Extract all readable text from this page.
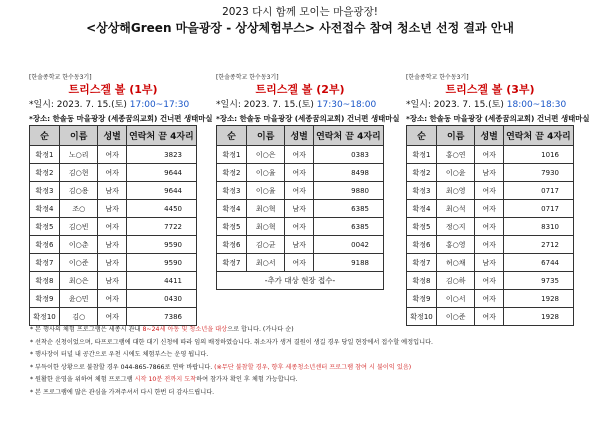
2023 다시 함께 모이는 마을광장!
<상상해Green 마을광장 - 상상체험부스> 사전접수 참여 청소년 선정 결과 안내
[한솔종학교 한수동3기]
트리스겔 볼 (1부)
*일시: 2023. 7. 15.(토) 17:00~17:30
*장소: 한솔동 마을광장 (세종꿈의교회) 건너편 생태마실
순	이름	성별	연락처 끝 4자리
확정1	노○리	여자	3823
확정2	김○현	여자	9644
확정3	김○용	남자	9644
확정4	조○	남자	4450
확정5	김○빈	여자	7722
확정6	이○춘	남자	9590
확정7	이○준	남자	9590
확정8	최○은	남자	4411
확정9	윤○민	여자	0430
확정10	김○	여자	7386
[한솔종학교 한수동3기]
트리스겔 볼 (2부)
*일시: 2023. 7. 15.(토) 17:30~18:00
*장소: 한솔동 마을광장 (세종꿈의교회) 건너편 생태마실
순	이름	성별	연락처 끝 4자리
확정1	이○은	여자	0383
확정2	이○율	여자	8498
확정3	이○율	여자	9880
확정4	최○혁	남자	6385
확정5	최○혁	여자	6385
확정6	김○균	남자	0042
확정7	최○서	여자	9188
-추가 대상 현장 접수-			
[한솔종학교 한수동3기]
트리스겔 볼 (3부)
*일시: 2023. 7. 15.(토) 18:00~18:30
*장소: 한솔동 마을광장 (세종꿈의교회) 건너편 생태마실
순	이름	성별	연락처 끝 4자리
확정1	홍○연	여자	1016
확정2	이○윤	남자	7930
확정3	최○영	여자	0717
확정4	최○석	여자	0717
확정5	정○지	여자	8310
확정6	홍○영	여자	2712
확정7	허○채	남자	6744
확정8	김○하	여자	9735
확정9	이○서	여자	1928
확정10	이○준	여자	1928
* 본 행사의 체험 프로그램은 세종시 관내 8~24세 아동 및 청소년을 대상으로 합니다. (가나다 순)
* 선착순 신청이었으며, 타프로그램에 대한 대기 신청에 따라 임의 배정하였습니다. 취소자가 생겨 결원이 생길 경우 당일 현장에서 접수할 예정입니다.
* 행사장이 터널 내 공간으로 우천 시에도 체험부스는 운영 됩니다.
* 부득이한 상황으로 불참할 경우 044-865-7866로 연락 바랍니다. (※무단 불참할 경우, 향후 세종청소년센터 프로그램 참여 시 불이익 있음)
* 원활한 운영을 위하여 체험 프로그램 시작 10분 전까지 도착하여 참가자 확인 후 체험 가능합니다.
* 본 프로그램에 많은 관심을 가져주셔서 다시 한번 더 감사드립니다.
